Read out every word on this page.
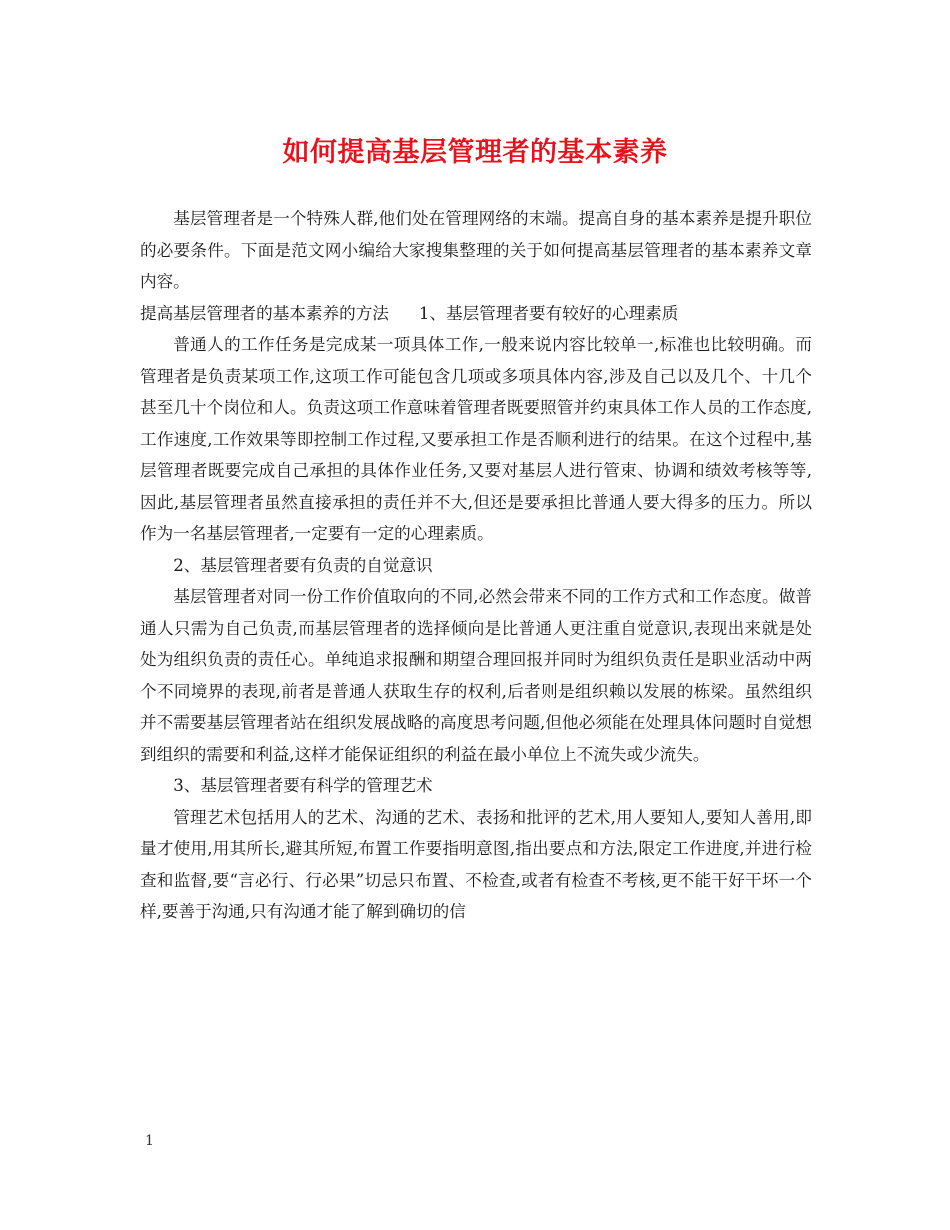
如何提高基层管理者的基本素养

基层管理者是一个特殊人群,他们处在管理网络的末端。提高自身的基本素养是提升职位的必要条件。下面是范文网小编给大家搜集整理的关于如何提高基层管理者的基本素养文章内容。

提高基层管理者的基本素养的方法 1、基层管理者要有较好的心理素质

普通人的工作任务是完成某一项具体工作,一般来说内容比较单一,标准也比较明确。而管理者是负责某项工作,这项工作可能包含几项或多项具体内容,涉及自己以及几个、十几个甚至几十个岗位和人。负责这项工作意味着管理者既要照管并约束具体工作人员的工作态度,工作速度,工作效果等即控制工作过程,又要承担工作是否顺利进行的结果。在这个过程中,基层管理者既要完成自己承担的具体作业任务,又要对基层人进行管束、协调和绩效考核等等,因此,基层管理者虽然直接承担的责任并不大,但还是要承担比普通人要大得多的压力。所以作为一名基层管理者,一定要有一定的心理素质。

2、基层管理者要有负责的自觉意识

基层管理者对同一份工作价值取向的不同,必然会带来不同的工作方式和工作态度。做普通人只需为自己负责,而基层管理者的选择倾向是比普通人更注重自觉意识,表现出来就是处处为组织负责的责任心。单纯追求报酬和期望合理回报并同时为组织负责任是职业活动中两个不同境界的表现,前者是普通人获取生存的权利,后者则是组织赖以发展的栋梁。虽然组织并不需要基层管理者站在组织发展战略的高度思考问题,但他必须能在处理具体问题时自觉想到组织的需要和利益,这样才能保证组织的利益在最小单位上不流失或少流失。

3、基层管理者要有科学的管理艺术

管理艺术包括用人的艺术、沟通的艺术、表扬和批评的艺术,用人要知人,要知人善用,即量才使用,用其所长,避其所短,布置工作要指明意图,指出要点和方法,限定工作进度,并进行检查和监督,要“言必行、行必果”切忌只布置、不检查,或者有检查不考核,更不能干好干坏一个样,要善于沟通,只有沟通才能了解到确切的信

1
